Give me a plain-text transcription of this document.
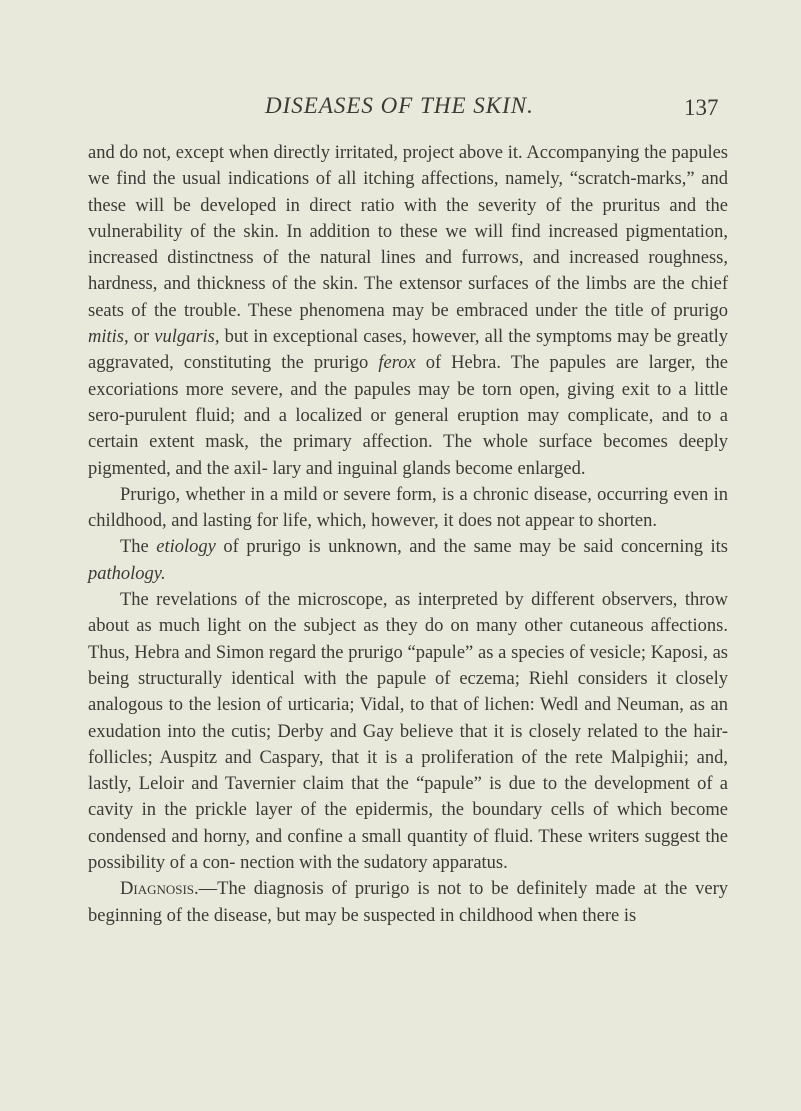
DISEASES OF THE SKIN.	137

and do not, except when directly irritated, project above it. Accompanying the papules we find the usual indications of all itching affections, namely, “scratch-marks,” and these will be developed in direct ratio with the severity of the pruritus and the vulnerability of the skin. In addition to these we will find increased pigmentation, increased distinctness of the natural lines and furrows, and increased roughness, hardness, and thickness of the skin. The extensor surfaces of the limbs are the chief seats of the trouble. These phenomena may be embraced under the title of prurigo mitis, or vulgaris, but in exceptional cases, however, all the symptoms may be greatly aggravated, constituting the prurigo ferox of Hebra. The papules are larger, the excoriations more severe, and the papules may be torn open, giving exit to a little sero-purulent fluid; and a localized or general eruption may complicate, and to a certain extent mask, the primary affection. The whole surface becomes deeply pigmented, and the axil- lary and inguinal glands become enlarged.

Prurigo, whether in a mild or severe form, is a chronic disease, occurring even in childhood, and lasting for life, which, however, it does not appear to shorten.

The etiology of prurigo is unknown, and the same may be said concerning its pathology.

The revelations of the microscope, as interpreted by different observers, throw about as much light on the subject as they do on many other cutaneous affections. Thus, Hebra and Simon regard the prurigo “papule” as a species of vesicle; Kaposi, as being structurally identical with the papule of eczema; Riehl considers it closely analogous to the lesion of urticaria; Vidal, to that of lichen: Wedl and Neuman, as an exudation into the cutis; Derby and Gay believe that it is closely related to the hair-follicles; Auspitz and Caspary, that it is a proliferation of the rete Malpighii; and, lastly, Leloir and Tavernier claim that the “papule” is due to the development of a cavity in the prickle layer of the epidermis, the boundary cells of which become condensed and horny, and confine a small quantity of fluid. These writers suggest the possibility of a con- nection with the sudatory apparatus.

Diagnosis.—The diagnosis of prurigo is not to be definitely made at the very beginning of the disease, but may be suspected in childhood when there is
